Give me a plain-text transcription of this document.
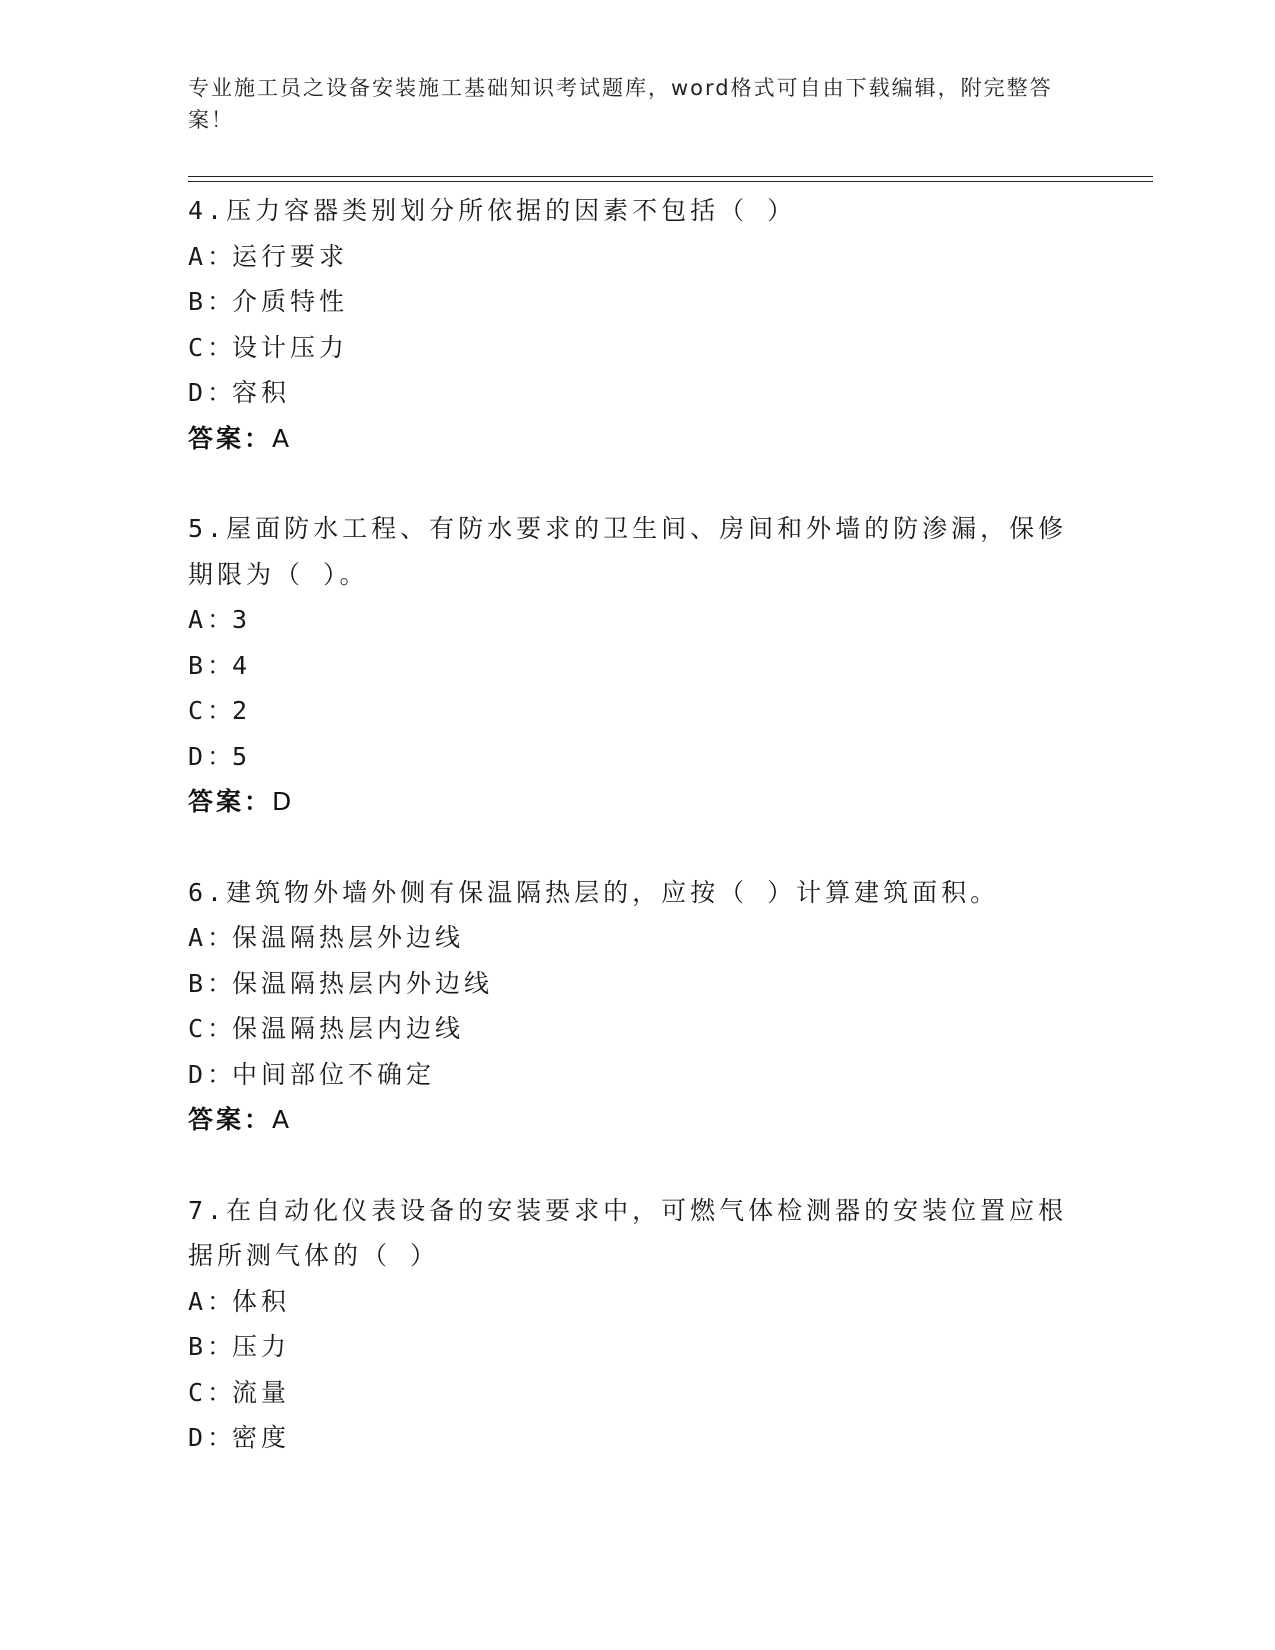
专业施工员之设备安装施工基础知识考试题库，word格式可自由下载编辑，附完整答案！
4.压力容器类别划分所依据的因素不包括（ ）
A：运行要求
B：介质特性
C：设计压力
D：容积
答案：A
5.屋面防水工程、有防水要求的卫生间、房间和外墙的防渗漏，保修期限为（ ）。
A：3
B：4
C：2
D：5
答案：D
6.建筑物外墙外侧有保温隔热层的，应按（ ）计算建筑面积。
A：保温隔热层外边线
B：保温隔热层内外边线
C：保温隔热层内边线
D：中间部位不确定
答案：A
7.在自动化仪表设备的安装要求中，可燃气体检测器的安装位置应根据所测气体的（ ）
A：体积
B：压力
C：流量
D：密度
